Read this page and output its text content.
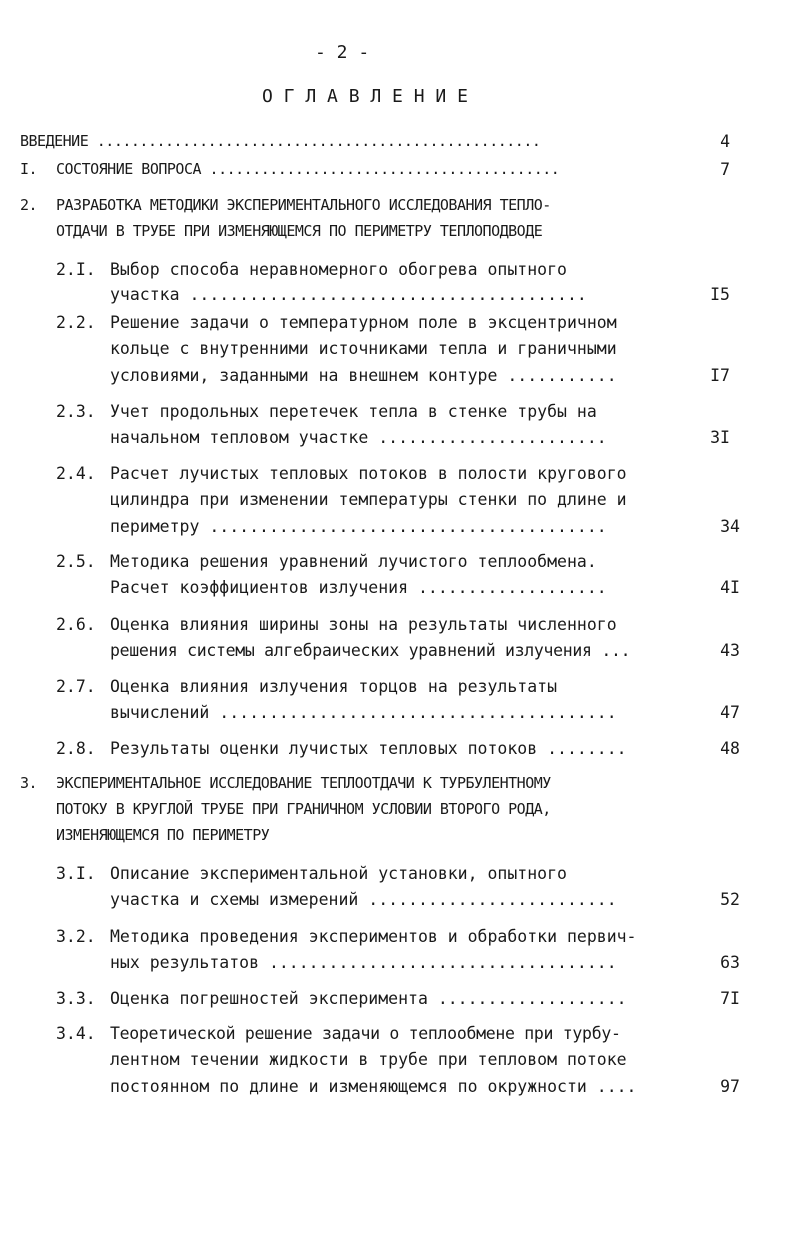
- 2 -
О Г Л А В Л Е Н И Е
ВВЕДЕНИЕ ....................................................	4
I. СОСТОЯНИЕ ВОПРОСА .........................................	7
2. РАЗРАБОТКА МЕТОДИКИ ЭКСПЕРИМЕНТАЛЬНОГО ИССЛЕДОВАНИЯ ТЕПЛО-
ОТДАЧИ В ТРУБЕ ПРИ ИЗМЕНЯЮЩЕМСЯ ПО ПЕРИМЕТРУ ТЕПЛОПОДВОДЕ
2.I. Выбор способа неравномерного обогрева опытного
участка ........................................	I5
2.2. Решение задачи о температурном поле в эксцентричном
кольце с внутренними источниками тепла и граничными
условиями, заданными на внешнем контуре ...........	I7
2.3. Учет продольных перетечек тепла в стенке трубы на
начальном тепловом участке .......................	3I
2.4. Расчет лучистых тепловых потоков в полости кругового
цилиндра при изменении температуры стенки по длине и
периметру ........................................	34
2.5. Методика решения уравнений лучистого теплообмена.
Расчет коэффициентов излучения ...................	4I
2.6. Оценка влияния ширины зоны на результаты численного
решения системы алгебраических уравнений излучения ...	43
2.7. Оценка влияния излучения торцов на результаты
вычислений ........................................	47
2.8. Результаты оценки лучистых тепловых потоков ........	48
3. ЭКСПЕРИМЕНТАЛЬНОЕ ИССЛЕДОВАНИЕ ТЕПЛООТДАЧИ К ТУРБУЛЕНТНОМУ
ПОТОКУ В КРУГЛОЙ ТРУБЕ ПРИ ГРАНИЧНОМ УСЛОВИИ ВТОРОГО РОДА,
ИЗМЕНЯЮЩЕМСЯ ПО ПЕРИМЕТРУ
3.I. Описание экспериментальной установки, опытного
участка и схемы измерений .........................	52
3.2. Методика проведения экспериментов и обработки первич-
ных результатов ...................................	63
3.3. Оценка погрешностей эксперимента ...................	7I
3.4. Теоретической решение задачи о теплообмене при турбу-
лентном течении жидкости в трубе при тепловом потоке
постоянном по длине и изменяющемся по окружности ....	97
